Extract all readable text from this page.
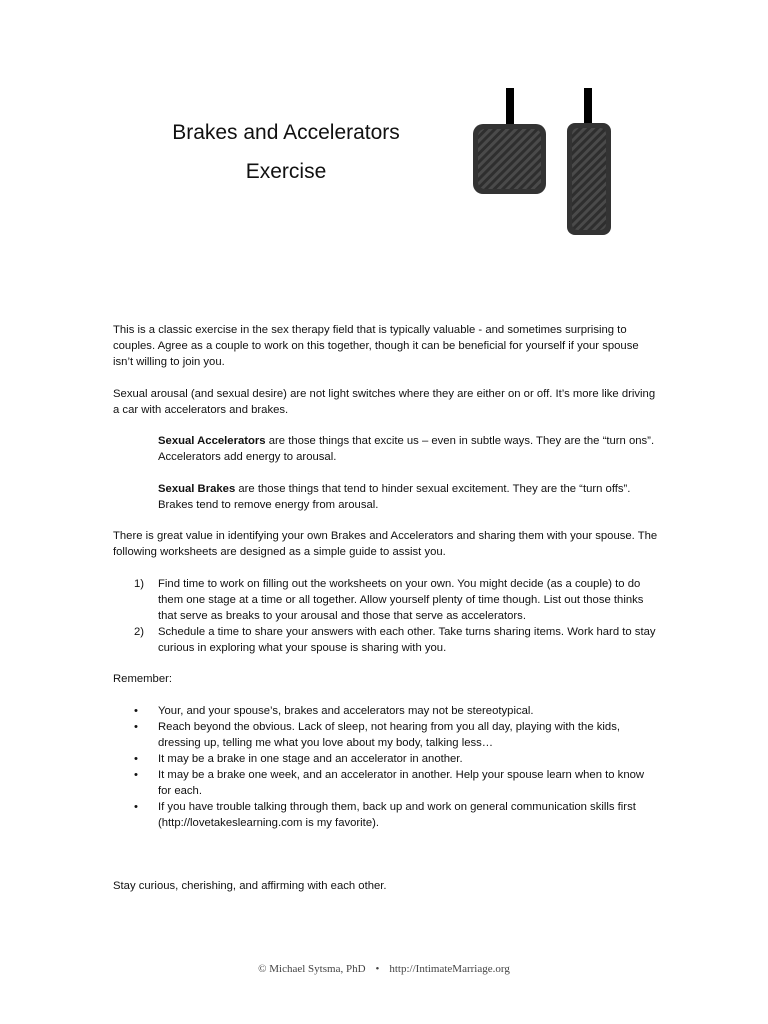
Brakes and Accelerators
Exercise

This is a classic exercise in the sex therapy field that is typically valuable - and sometimes surprising to couples. Agree as a couple to work on this together, though it can be beneficial for yourself if your spouse isn’t willing to join you.

Sexual arousal (and sexual desire) are not light switches where they are either on or off. It’s more like driving a car with accelerators and brakes.

Sexual Accelerators are those things that excite us – even in subtle ways. They are the “turn ons”. Accelerators add energy to arousal.

Sexual Brakes are those things that tend to hinder sexual excitement. They are the “turn offs”. Brakes tend to remove energy from arousal.

There is great value in identifying your own Brakes and Accelerators and sharing them with your spouse. The following worksheets are designed as a simple guide to assist you.

1) Find time to work on filling out the worksheets on your own. You might decide (as a couple) to do them one stage at a time or all together. Allow yourself plenty of time though. List out those thinks that serve as breaks to your arousal and those that serve as accelerators.
2) Schedule a time to share your answers with each other. Take turns sharing items. Work hard to stay curious in exploring what your spouse is sharing with you.

Remember:

• Your, and your spouse’s, brakes and accelerators may not be stereotypical.
• Reach beyond the obvious. Lack of sleep, not hearing from you all day, playing with the kids, dressing up, telling me what you love about my body, talking less…
• It may be a brake in one stage and an accelerator in another.
• It may be a brake one week, and an accelerator in another. Help your spouse learn when to know for each.
• If you have trouble talking through them, back up and work on general communication skills first (http://lovetakeslearning.com is my favorite).

Stay curious, cherishing, and affirming with each other.

© Michael Sytsma, PhD • http://IntimateMarriage.org
